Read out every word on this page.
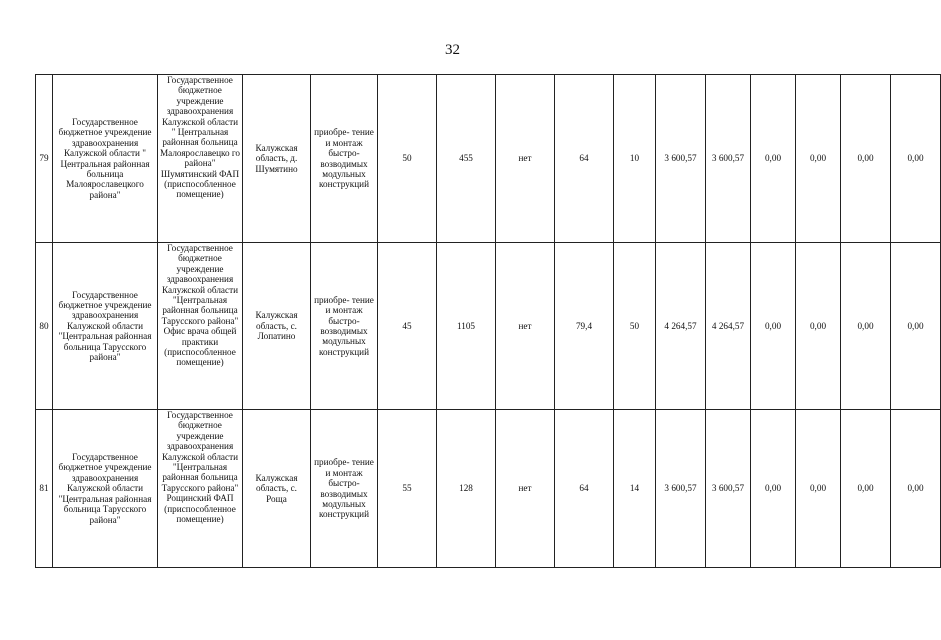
32
79	Государственное бюджетное учреждение здравоохранения Калужской области " Центральная районная больница Малоярославецкого района"	Государственное бюджетное учреждение здравоохранения Калужской области " Центральная районная больница Малоярославецко го района" Шумятинский ФАП (приспособленное помещение)	Калужская область, д. Шумятино	приобре- тение и монтаж быстро- возводимых модульных конструкций	50	455	нет	64	10	3 600,57	3 600,57	0,00	0,00	0,00	0,00
80	Государственное бюджетное учреждение здравоохранения Калужской области "Центральная районная больница Тарусского района"	Государственное бюджетное учреждение здравоохранения Калужской области "Центральная районная больница Тарусского района" Офис врача общей практики (приспособленное помещение)	Калужская область, с. Лопатино	приобре- тение и монтаж быстро- возводимых модульных конструкций	45	1105	нет	79,4	50	4 264,57	4 264,57	0,00	0,00	0,00	0,00
81	Государственное бюджетное учреждение здравоохранения Калужской области "Центральная районная больница Тарусского района"	Государственное бюджетное учреждение здравоохранения Калужской области "Центральная районная больница Тарусского района" Рощинский ФАП (приспособленное помещение)	Калужская область, с. Роща	приобре- тение и монтаж быстро- возводимых модульных конструкций	55	128	нет	64	14	3 600,57	3 600,57	0,00	0,00	0,00	0,00
